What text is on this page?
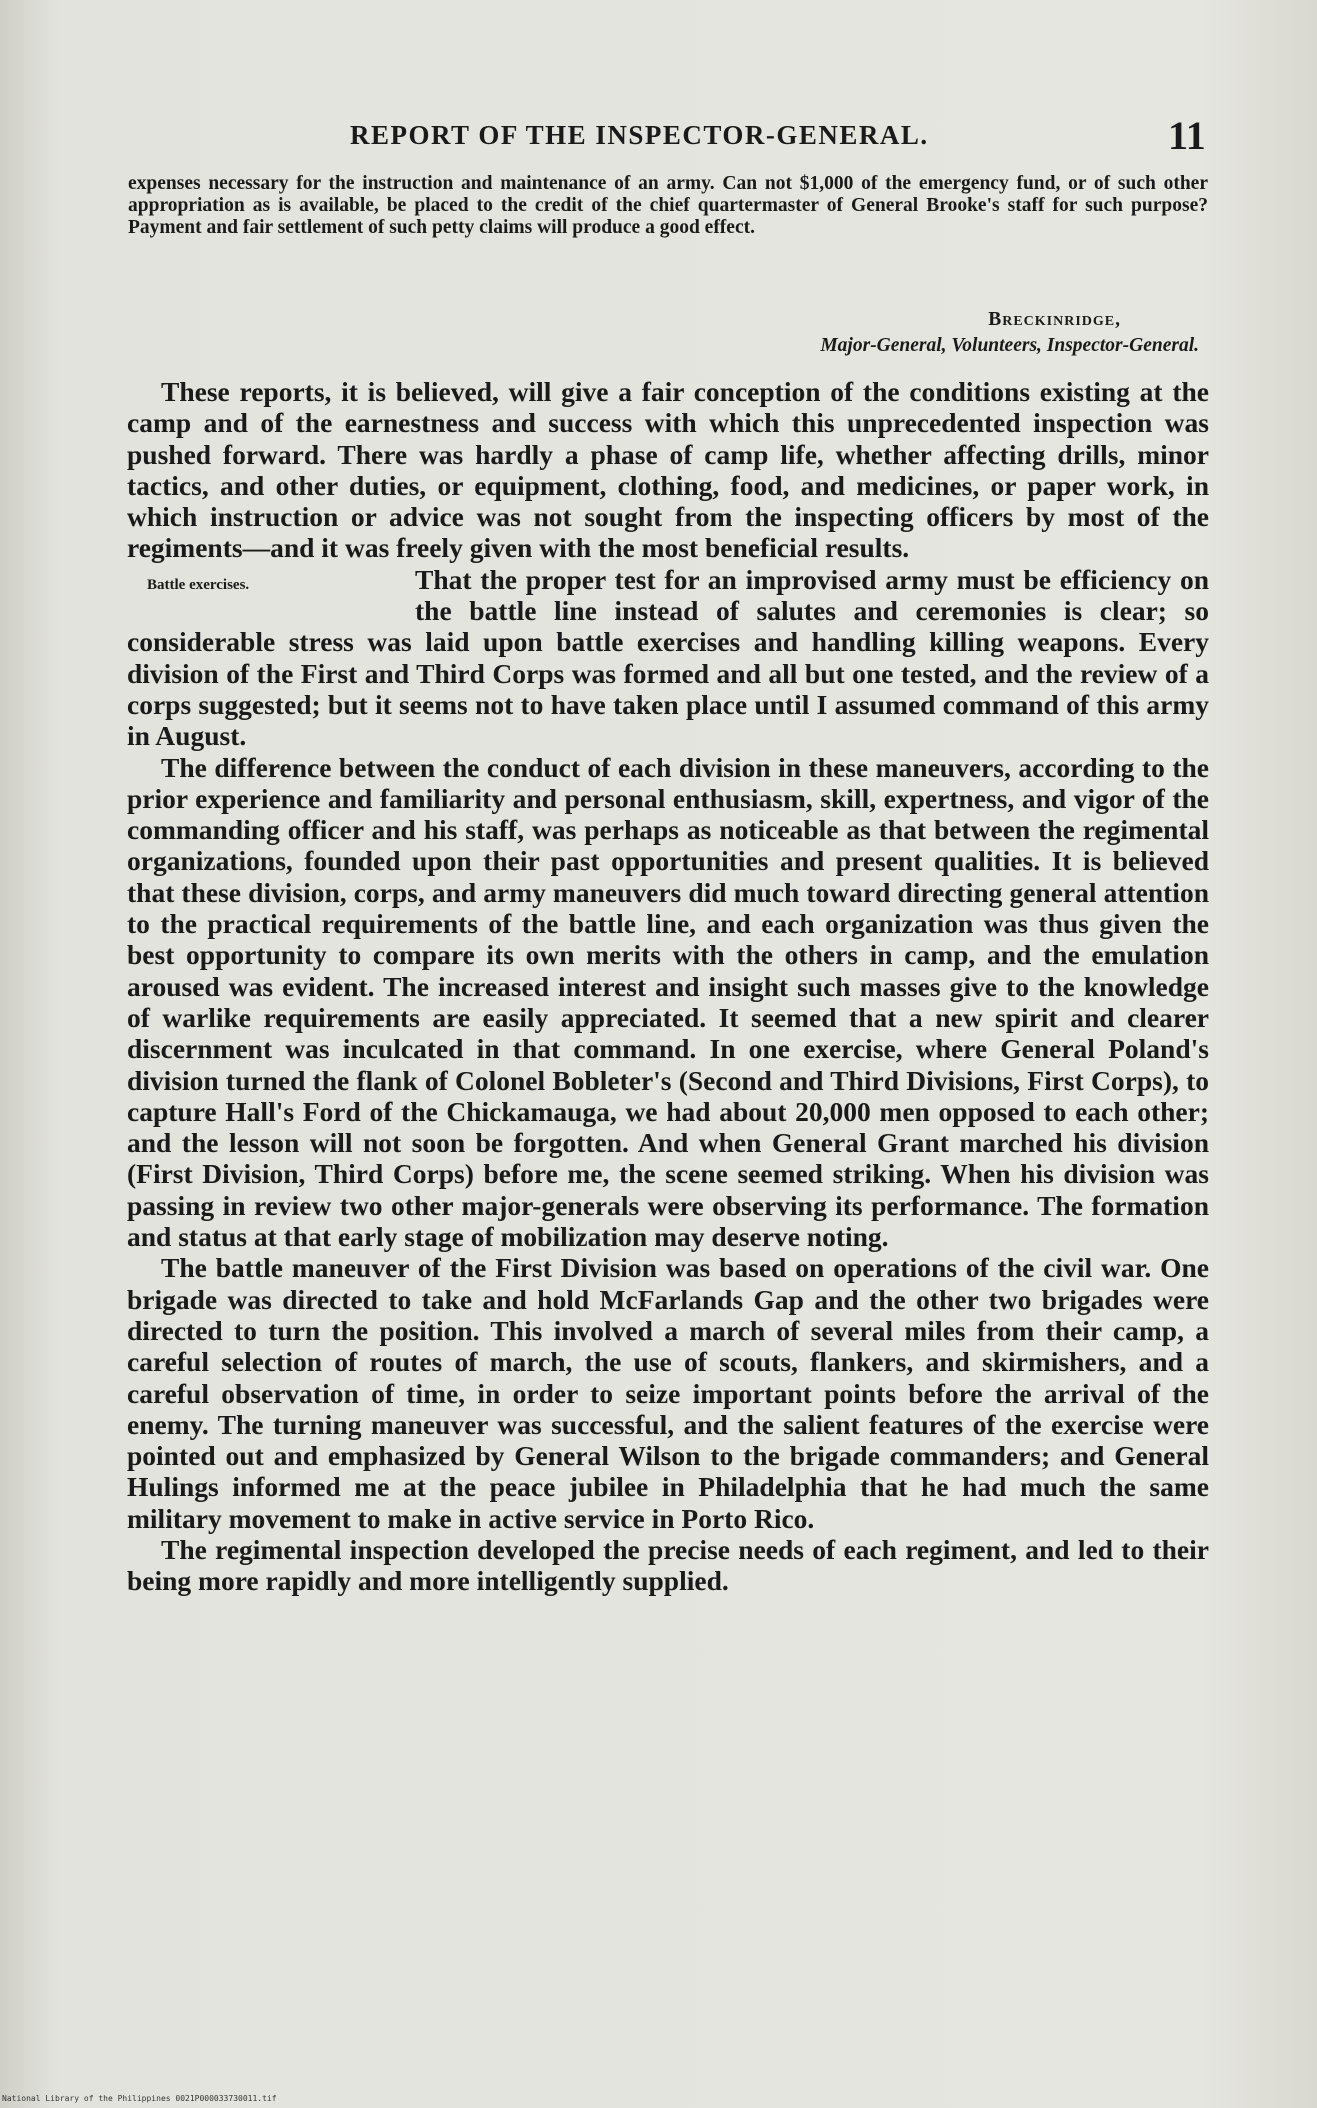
REPORT OF THE INSPECTOR-GENERAL.	11
expenses necessary for the instruction and maintenance of an army. Can not $1,000 of the emergency fund, or of such other appropriation as is available, be placed to the credit of the chief quartermaster of General Brooke's staff for such purpose? Payment and fair settlement of such petty claims will produce a good effect.
Breckinridge,
Major-General, Volunteers, Inspector-General.

These reports, it is believed, will give a fair conception of the conditions existing at the camp and of the earnestness and success with which this unprecedented inspection was pushed forward. There was hardly a phase of camp life, whether affecting drills, minor tactics, and other duties, or equipment, clothing, food, and medicines, or paper work, in which instruction or advice was not sought from the inspecting officers by most of the regiments—and it was freely given with the most beneficial results.

Battle exercises.	That the proper test for an improvised army must be efficiency on the battle line instead of salutes and ceremonies is clear; so considerable stress was laid upon battle exercises and handling killing weapons. Every division of the First and Third Corps was formed and all but one tested, and the review of a corps suggested; but it seems not to have taken place until I assumed command of this army in August.

The difference between the conduct of each division in these maneuvers, according to the prior experience and familiarity and personal enthusiasm, skill, expertness, and vigor of the commanding officer and his staff, was perhaps as noticeable as that between the regimental organizations, founded upon their past opportunities and present qualities. It is believed that these division, corps, and army maneuvers did much toward directing general attention to the practical requirements of the battle line, and each organization was thus given the best opportunity to compare its own merits with the others in camp, and the emulation aroused was evident. The increased interest and insight such masses give to the knowledge of warlike requirements are easily appreciated. It seemed that a new spirit and clearer discernment was inculcated in that command. In one exercise, where General Poland's division turned the flank of Colonel Bobleter's (Second and Third Divisions, First Corps), to capture Hall's Ford of the Chickamauga, we had about 20,000 men opposed to each other; and the lesson will not soon be forgotten. And when General Grant marched his division (First Division, Third Corps) before me, the scene seemed striking. When his division was passing in review two other major-generals were observing its performance. The formation and status at that early stage of mobilization may deserve noting.

The battle maneuver of the First Division was based on operations of the civil war. One brigade was directed to take and hold McFarlands Gap and the other two brigades were directed to turn the position. This involved a march of several miles from their camp, a careful selection of routes of march, the use of scouts, flankers, and skirmishers, and a careful observation of time, in order to seize important points before the arrival of the enemy. The turning maneuver was successful, and the salient features of the exercise were pointed out and emphasized by General Wilson to the brigade commanders; and General Hulings informed me at the peace jubilee in Philadelphia that he had much the same military movement to make in active service in Porto Rico.

The regimental inspection developed the precise needs of each regiment, and led to their being more rapidly and more intelligently supplied.

National Library of the Philippines 0021P000033730011.tif
